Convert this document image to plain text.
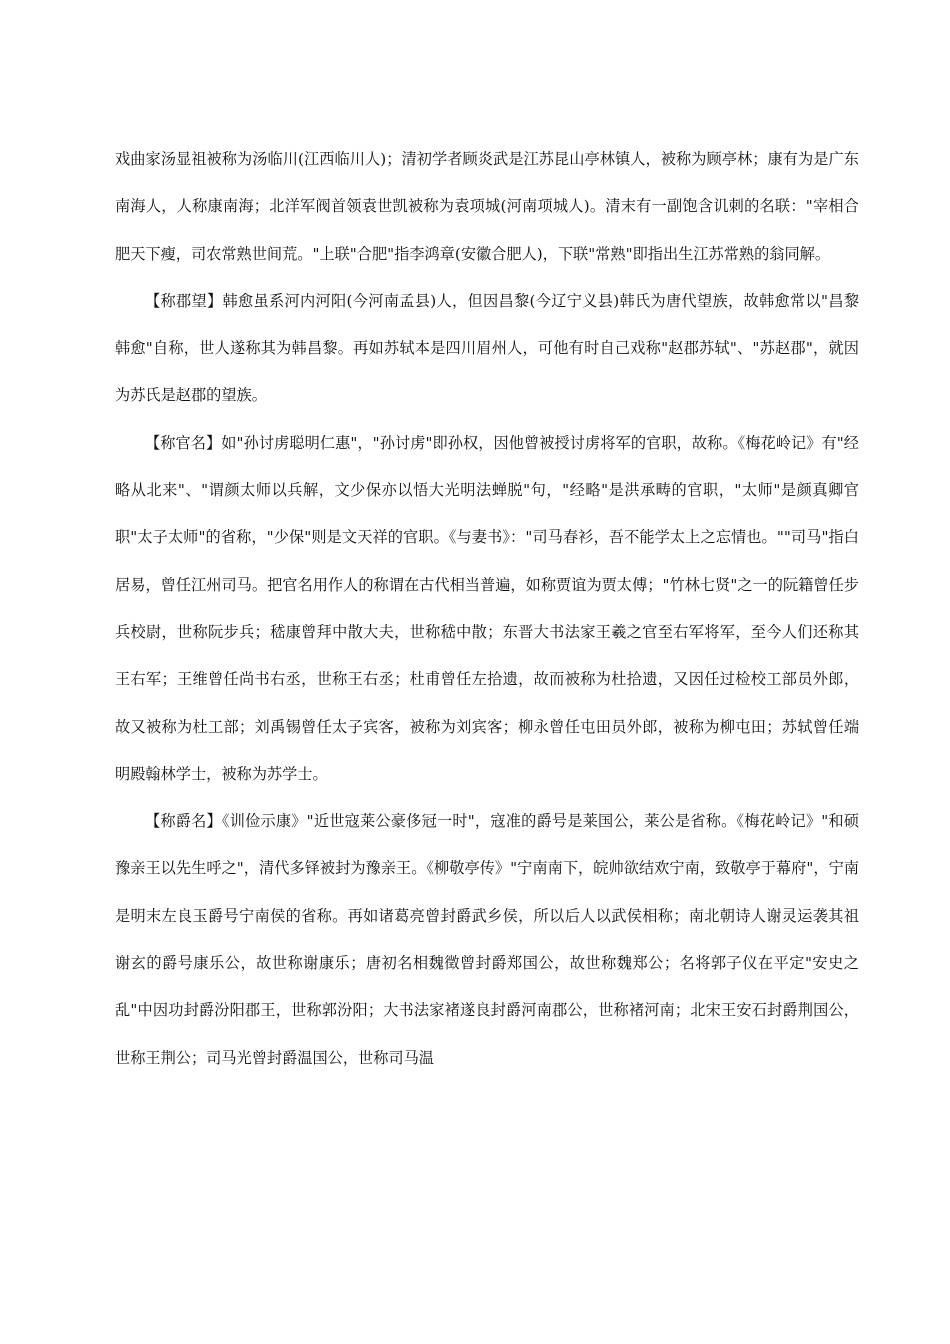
戏曲家汤显祖被称为汤临川(江西临川人)；清初学者顾炎武是江苏昆山亭林镇人，被称为顾亭林；康有为是广东南海人，人称康南海；北洋军阀首领袁世凯被称为袁项城(河南项城人)。清末有一副饱含讥刺的名联："宰相合肥天下瘦，司农常熟世间荒。"上联"合肥"指李鸿章(安徽合肥人)，下联"常熟"即指出生江苏常熟的翁同解。

【称郡望】韩愈虽系河内河阳(今河南孟县)人，但因昌黎(今辽宁义县)韩氏为唐代望族，故韩愈常以"昌黎韩愈"自称，世人遂称其为韩昌黎。再如苏轼本是四川眉州人，可他有时自己戏称"赵郡苏轼"、"苏赵郡"，就因为苏氏是赵郡的望族。

【称官名】如"孙讨虏聪明仁惠"，"孙讨虏"即孙权，因他曾被授讨虏将军的官职，故称。《梅花岭记》有"经略从北来"、"谓颜太师以兵解，文少保亦以悟大光明法蝉脱"句，"经略"是洪承畴的官职，"太师"是颜真卿官职"太子太师"的省称，"少保"则是文天祥的官职。《与妻书》："司马春衫，吾不能学太上之忘情也。""司马"指白居易，曾任江州司马。把官名用作人的称谓在古代相当普遍，如称贾谊为贾太傅；"竹林七贤"之一的阮籍曾任步兵校尉，世称阮步兵；嵇康曾拜中散大夫，世称嵇中散；东晋大书法家王羲之官至右军将军，至今人们还称其王右军；王维曾任尚书右丞，世称王右丞；杜甫曾任左拾遗，故而被称为杜拾遗，又因任过检校工部员外郎，故又被称为杜工部；刘禹锡曾任太子宾客，被称为刘宾客；柳永曾任屯田员外郎，被称为柳屯田；苏轼曾任端明殿翰林学士，被称为苏学士。

【称爵名】《训俭示康》"近世寇莱公豪侈冠一时"，寇准的爵号是莱国公，莱公是省称。《梅花岭记》"和硕豫亲王以先生呼之"，清代多铎被封为豫亲王。《柳敬亭传》"宁南南下，皖帅欲结欢宁南，致敬亭于幕府"，宁南是明末左良玉爵号宁南侯的省称。再如诸葛亮曾封爵武乡侯，所以后人以武侯相称；南北朝诗人谢灵运袭其祖谢玄的爵号康乐公，故世称谢康乐；唐初名相魏徵曾封爵郑国公，故世称魏郑公；名将郭子仪在平定"安史之乱"中因功封爵汾阳郡王，世称郭汾阳；大书法家褚遂良封爵河南郡公，世称褚河南；北宋王安石封爵荆国公，世称王荆公；司马光曾封爵温国公，世称司马温
